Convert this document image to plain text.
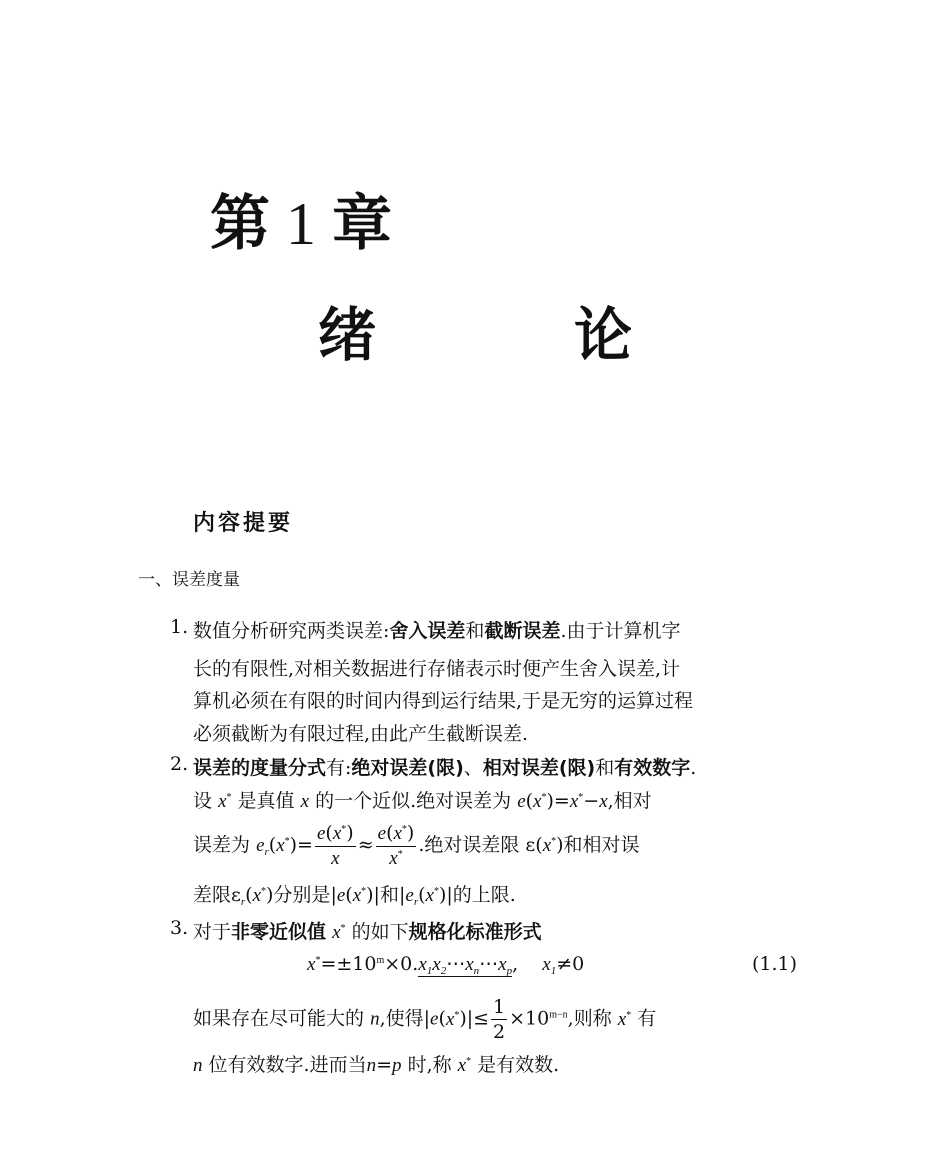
第 1 章
绪	论
内容提要
一、误差度量
1. 数值分析研究两类误差:舍入误差和截断误差.由于计算机字
长的有限性,对相关数据进行存储表示时便产生舍入误差,计
算机必须在有限的时间内得到运行结果,于是无穷的运算过程
必须截断为有限过程,由此产生截断误差.
2. 误差的度量分式有:绝对误差(限)、相对误差(限)和有效数字.
设 x* 是真值 x 的一个近似.绝对误差为 e(x*)=x*−x,相对
误差为 $e_r(x^*)= \frac{e(x^*)}{x} \approx \frac{e(x^*)}{x^*}$ .绝对误差限 ε(x*)和相对误
差限$\varepsilon_r(x^*)$分别是|e(x*)|和$|e_r(x^*)|$的上限.
3. 对于非零近似值 x* 的如下规格化标准形式
$x^*=\pm 10^m\times 0.x_1x_2\cdots x_n\cdots x_p$,    $x_1\ne 0$	(1.1)
如果存在尽可能大的 n,使得$|e(x^*)|\le \frac{1}{2} \times 10^{m-n}$,则称 x* 有
n 位有效数字.进而当n=p 时,称 x* 是有效数.
